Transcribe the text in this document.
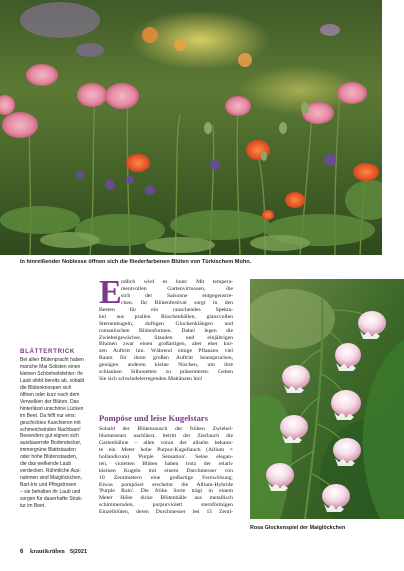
In hinreißender Noblesse öffnen sich die fliederfarbenen Blüten von Türkischem Mohn.
BLÄTTERTRICK
Bei allen Blütenpracht haben
manche Mai-Solisten einen
kleinen Schönheitsfehler: Ihr
Laub stirbt bereits ab, sobald
die Blütenknospen sich
öffnen oder kurz nach dem
Verwelken der Blüten. Das
hinterlässt unschöne Lücken
im Beet. Da hilft nur eins:
geschicktes Kaschieren mit
schmeichelnden Nachbarn!
Besonders gut eignen sich
ausdauernde Bodendecker,
immergrüne Blattstauden
oder hohe Blütenstauden,
die das welkende Laub
verdecken. Rühmliche Aus-
nahmen sind Maiglöckchen,
Bart-Iris und Pfingstrosen
– sie behalten ihr Laub und
sorgen für dauerhafte Struk-
tur im Beet.
E ndlich wird es bunt: Mit tempera-
mentvollen Gartenvirtuosen, die
sich der Saisonne entgegenstre-
cken. Ihr Blütenfestival sorgt in den
Beeten für ein rauschendes Spekta-
kel aus prallen Rüschenbällen, glanzvollen
Sternenkugeln, duftigen Glockenklängen und
romantischen Blütenformen. Dabei legen die
Zwiebelgewächse, Stauden und einjährigen
Blumen zwar einen großartigen, aber eher kur-
zen Auftritt hin. Während einige Pflanzen viel
Raum für ihren großen Auftritt beanspruchen,
genügen anderen kleine Nischen, um ihre
schlanken Silhouetten zu präsentieren. Gehen
Sie sich schwindelerregenden Maitänzen hin!
Pompöse und leise Kugelstars
Sobald der Blütenrausch der frühen Zwiebel-
blumenstars nachlässt, betritt der Zierlauch die
Gartenbühne – allen voran der allseits bekann-
te ein Meter hohe Purpur-Kugellauch (Allium ×
hollandicum) 'Purple Sensation'. Seine elegan-
ten, violetten Blüten haben trotz der relativ
kleinen Kugeln mit einem Durchmesser von
10 Zentimetern eine großartige Fernwirkung.
Etwas pompöser erscheint die Allium-Hybride
'Purple Rain'. Die frühe Sorte trägt in einem
Meter Höhe dicke Blütenbälle aus metallisch
schimmernden, purpurviolett sternförmigen
Einzelblüten, deren Durchmesser bei 15 Zenti-
Rosa Glockenspiel der Maiglöckchen
6 kraut&rüben 5|2021
